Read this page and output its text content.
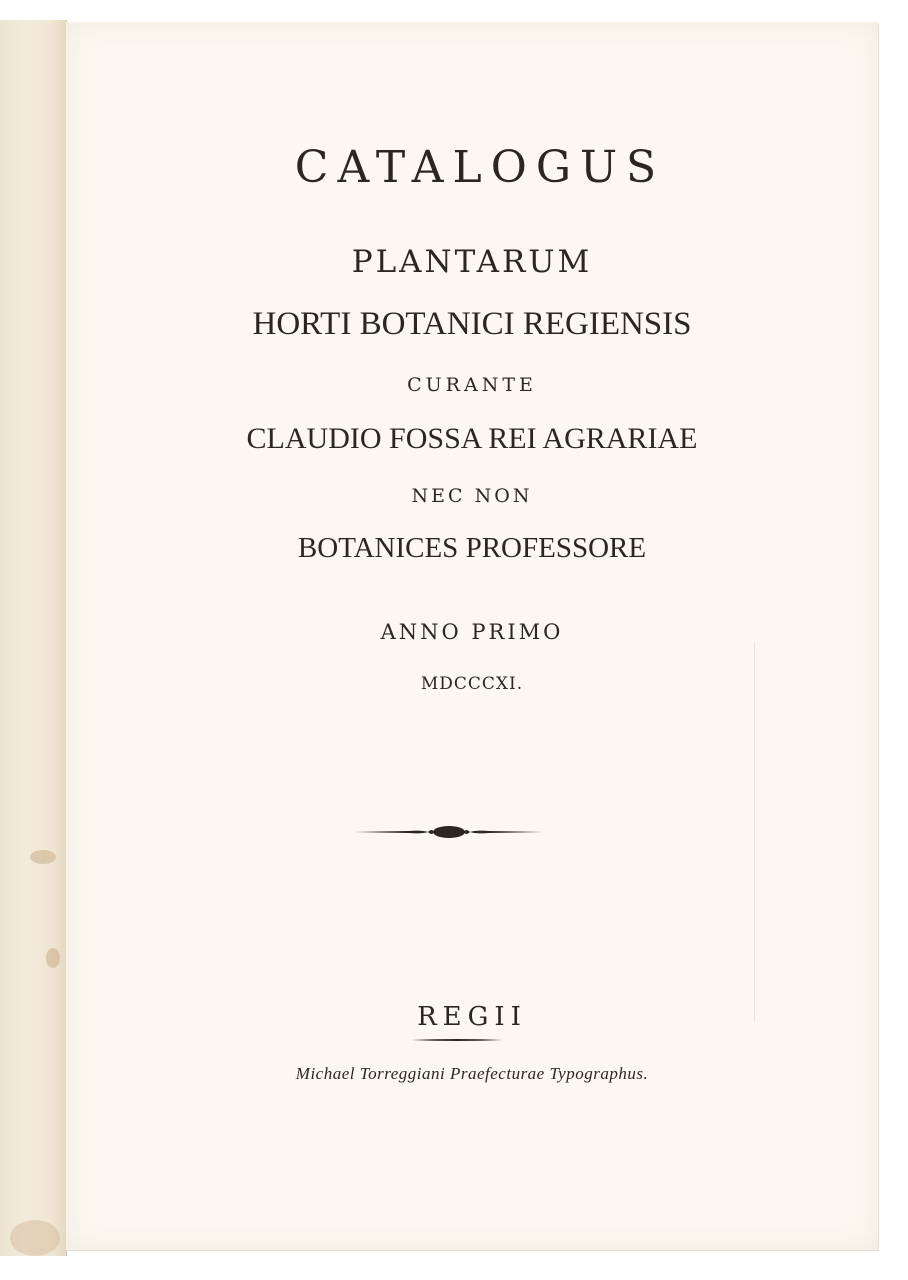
CATALOGUS
PLANTARUM
HORTI BOTANICI REGIENSIS
CURANTE
CLAUDIO FOSSA REI AGRARIAE
NEC NON
BOTANICES PROFESSORE
ANNO PRIMO
MDCCCXI.
REGII
Michael Torreggiani Praefecturae Typographus.
